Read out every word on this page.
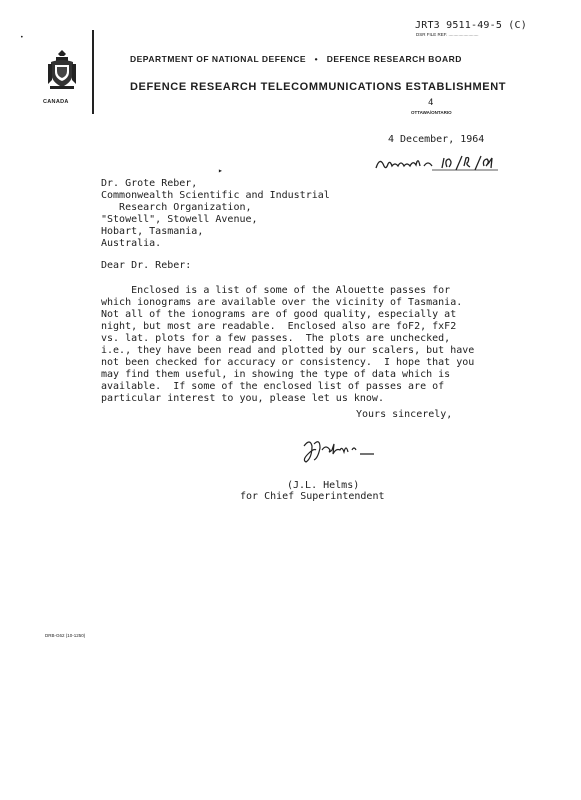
•
JRT3 9511-49-5 (C)
DSR FILE REF. ........................
CANADA
DEPARTMENT OF NATIONAL DEFENCE • DEFENCE RESEARCH BOARD
DEFENCE RESEARCH TELECOMMUNICATIONS ESTABLISHMENT
4
OTTAWA/ONTARIO
4 December, 1964
▸
Dr. Grote Reber,
Commonwealth Scientific and Industrial
Research Organization,
"Stowell", Stowell Avenue,
Hobart, Tasmania,
Australia.
Dear Dr. Reber:
Enclosed is a list of some of the Alouette passes for
which ionograms are available over the vicinity of Tasmania.
Not all of the ionograms are of good quality, especially at
night, but most are readable.  Enclosed also are foF2, fxF2
vs. lat. plots for a few passes.  The plots are unchecked,
i.e., they have been read and plotted by our scalers, but have
not been checked for accuracy or consistency.  I hope that you
may find them useful, in showing the type of data which is
available.  If some of the enclosed list of passes are of
particular interest to you, please let us know.
Yours sincerely,
(J.L. Helms)
for Chief Superintendent
DRB-G62 (10-1250)
